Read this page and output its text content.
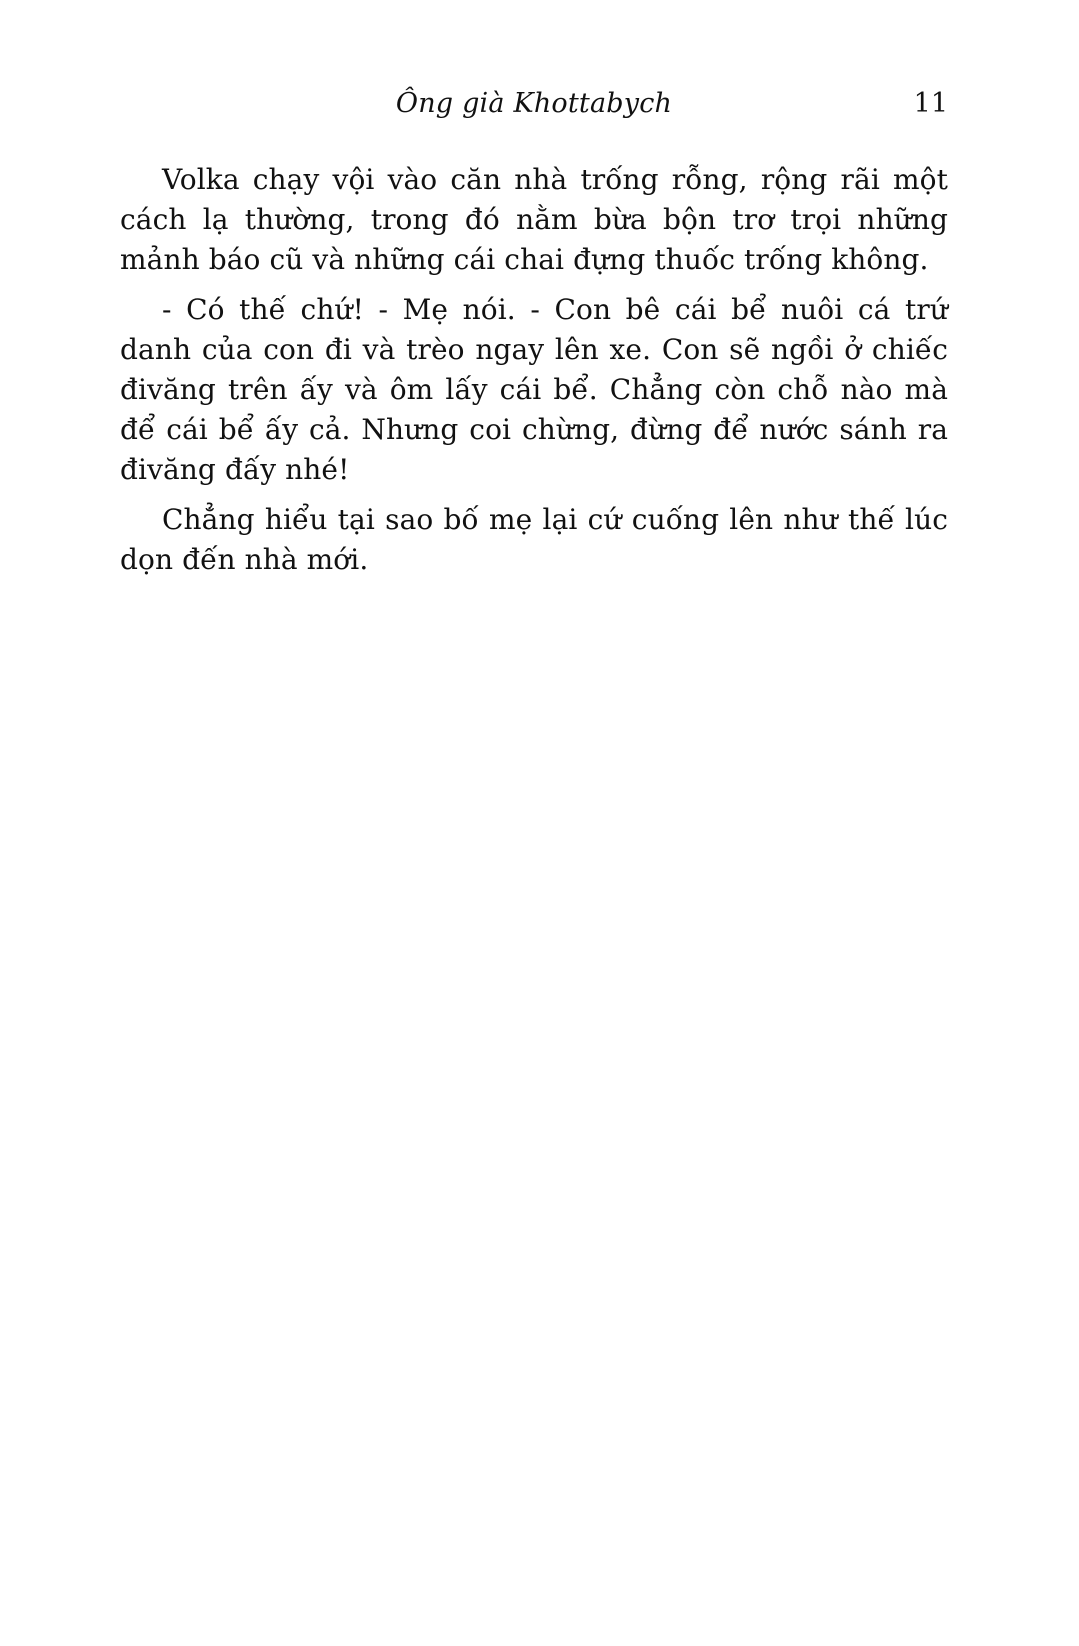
Ông già Khottabych	11

Volka chạy vội vào căn nhà trống rỗng, rộng rãi một cách lạ thường, trong đó nằm bừa bộn trơ trọi những mảnh báo cũ và những cái chai đựng thuốc trống không.

- Có thế chứ! - Mẹ nói. - Con bê cái bể nuôi cá trứ danh của con đi và trèo ngay lên xe. Con sẽ ngồi ở chiếc đivăng trên ấy và ôm lấy cái bể. Chẳng còn chỗ nào mà để cái bể ấy cả. Nhưng coi chừng, đừng để nước sánh ra đivăng đấy nhé!

Chẳng hiểu tại sao bố mẹ lại cứ cuống lên như thế lúc dọn đến nhà mới.
